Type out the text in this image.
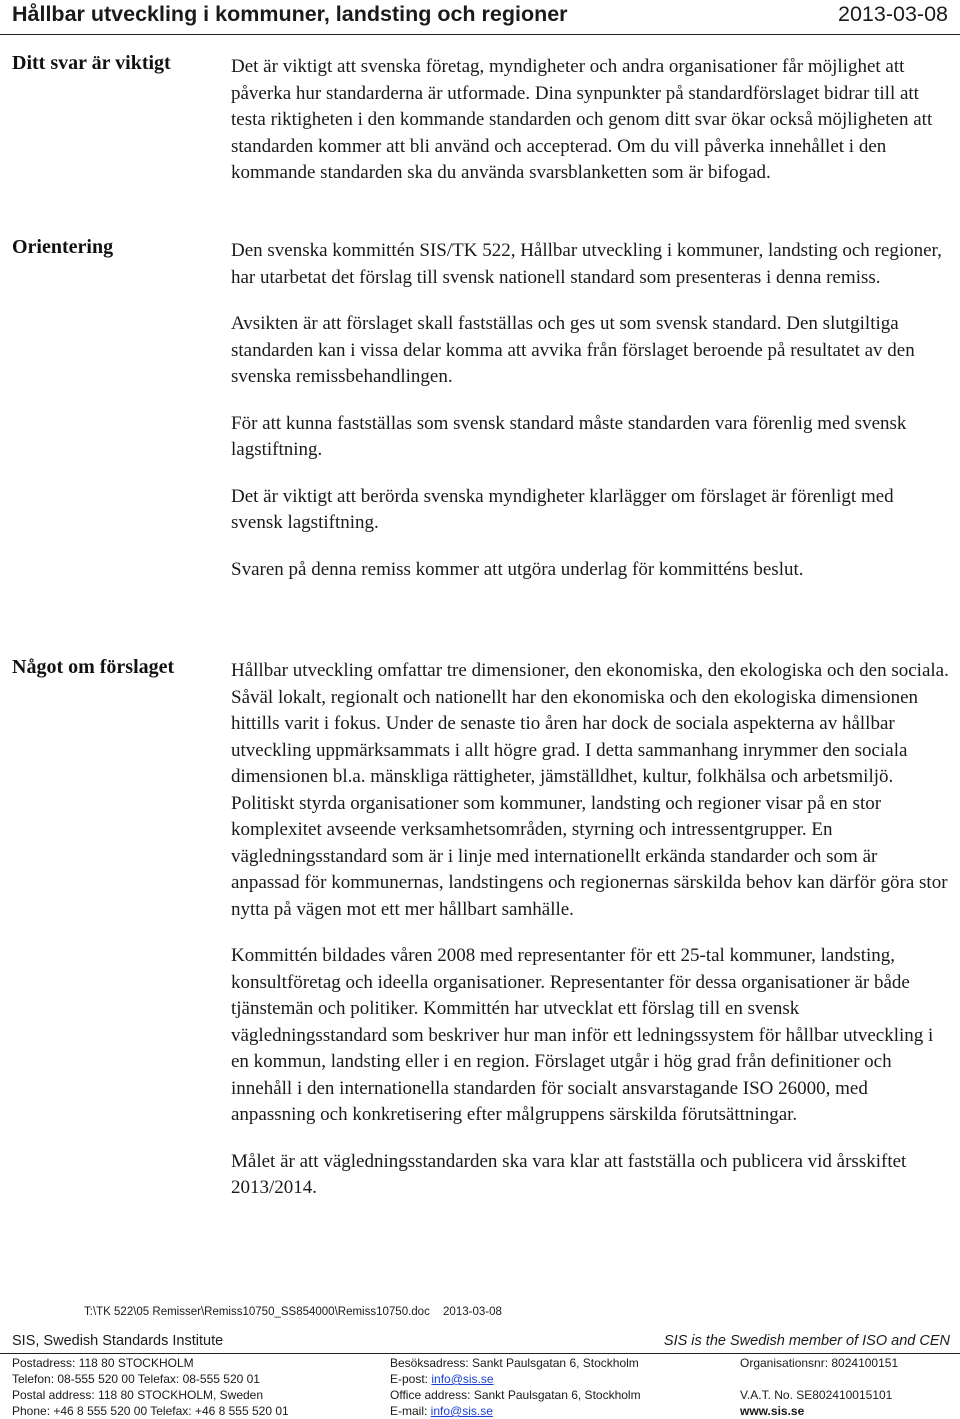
Hållbar utveckling i kommuner, landsting och regioner	2013-03-08
Ditt svar är viktigt	Det är viktigt att svenska företag, myndigheter och andra organisationer får möjlighet att påverka hur standarderna är utformade. Dina synpunkter på standardförslaget bidrar till att testa riktigheten i den kommande standarden och genom ditt svar ökar också möjligheten att standarden kommer att bli använd och accepterad. Om du vill påverka innehållet i den kommande standarden ska du använda svarsblanketten som är bifogad.

Orientering	Den svenska kommittén SIS/TK 522, Hållbar utveckling i kommuner, landsting och regioner, har utarbetat det förslag till svensk nationell standard som presenteras i denna remiss.

Avsikten är att förslaget skall fastställas och ges ut som svensk standard. Den slutgiltiga standarden kan i vissa delar komma att avvika från förslaget beroende på resultatet av den svenska remissbehandlingen.

För att kunna fastställas som svensk standard måste standarden vara förenlig med svensk lagstiftning.

Det är viktigt att berörda svenska myndigheter klarlägger om förslaget är förenligt med svensk lagstiftning.

Svaren på denna remiss kommer att utgöra underlag för kommitténs beslut.

Något om förslaget	Hållbar utveckling omfattar tre dimensioner, den ekonomiska, den ekologiska och den sociala. Såväl lokalt, regionalt och nationellt har den ekonomiska och den ekologiska dimensionen hittills varit i fokus. Under de senaste tio åren har dock de sociala aspekterna av hållbar utveckling uppmärksammats i allt högre grad. I detta sammanhang inrymmer den sociala dimensionen bl.a. mänskliga rättigheter, jämställdhet, kultur, folkhälsa och arbetsmiljö. Politiskt styrda organisationer som kommuner, landsting och regioner visar på en stor komplexitet avseende verksamhetsområden, styrning och intressentgrupper. En vägledningsstandard som är i linje med internationellt erkända standarder och som är anpassad för kommunernas, landstingens och regionernas särskilda behov kan därför göra stor nytta på vägen mot ett mer hållbart samhälle.

Kommittén bildades våren 2008 med representanter för ett 25-tal kommuner, landsting, konsultföretag och ideella organisationer. Representanter för dessa organisationer är både tjänstemän och politiker. Kommittén har utvecklat ett förslag till en svensk vägledningsstandard som beskriver hur man inför ett ledningssystem för hållbar utveckling i en kommun, landsting eller i en region. Förslaget utgår i hög grad från definitioner och innehåll i den internationella standarden för socialt ansvarstagande ISO 26000, med anpassning och konkretisering efter målgruppens särskilda förutsättningar.

Målet är att vägledningsstandarden ska vara klar att fastställa och publicera vid årsskiftet 2013/2014.

T:\TK 522\05 Remisser\Remiss10750_SS854000\Remiss10750.doc 2013-03-08
SIS, Swedish Standards Institute	SIS is the Swedish member of ISO and CEN
Postadress: 118 80 STOCKHOLM
Telefon: 08-555 520 00 Telefax: 08-555 520 01
Postal address: 118 80 STOCKHOLM, Sweden
Phone: +46 8 555 520 00 Telefax: +46 8 555 520 01
Besöksadress: Sankt Paulsgatan 6, Stockholm
E-post: info@sis.se
Office address: Sankt Paulsgatan 6, Stockholm
E-mail: info@sis.se
Organisationsnr: 8024100151

V.A.T. No. SE802410015101
www.sis.se
